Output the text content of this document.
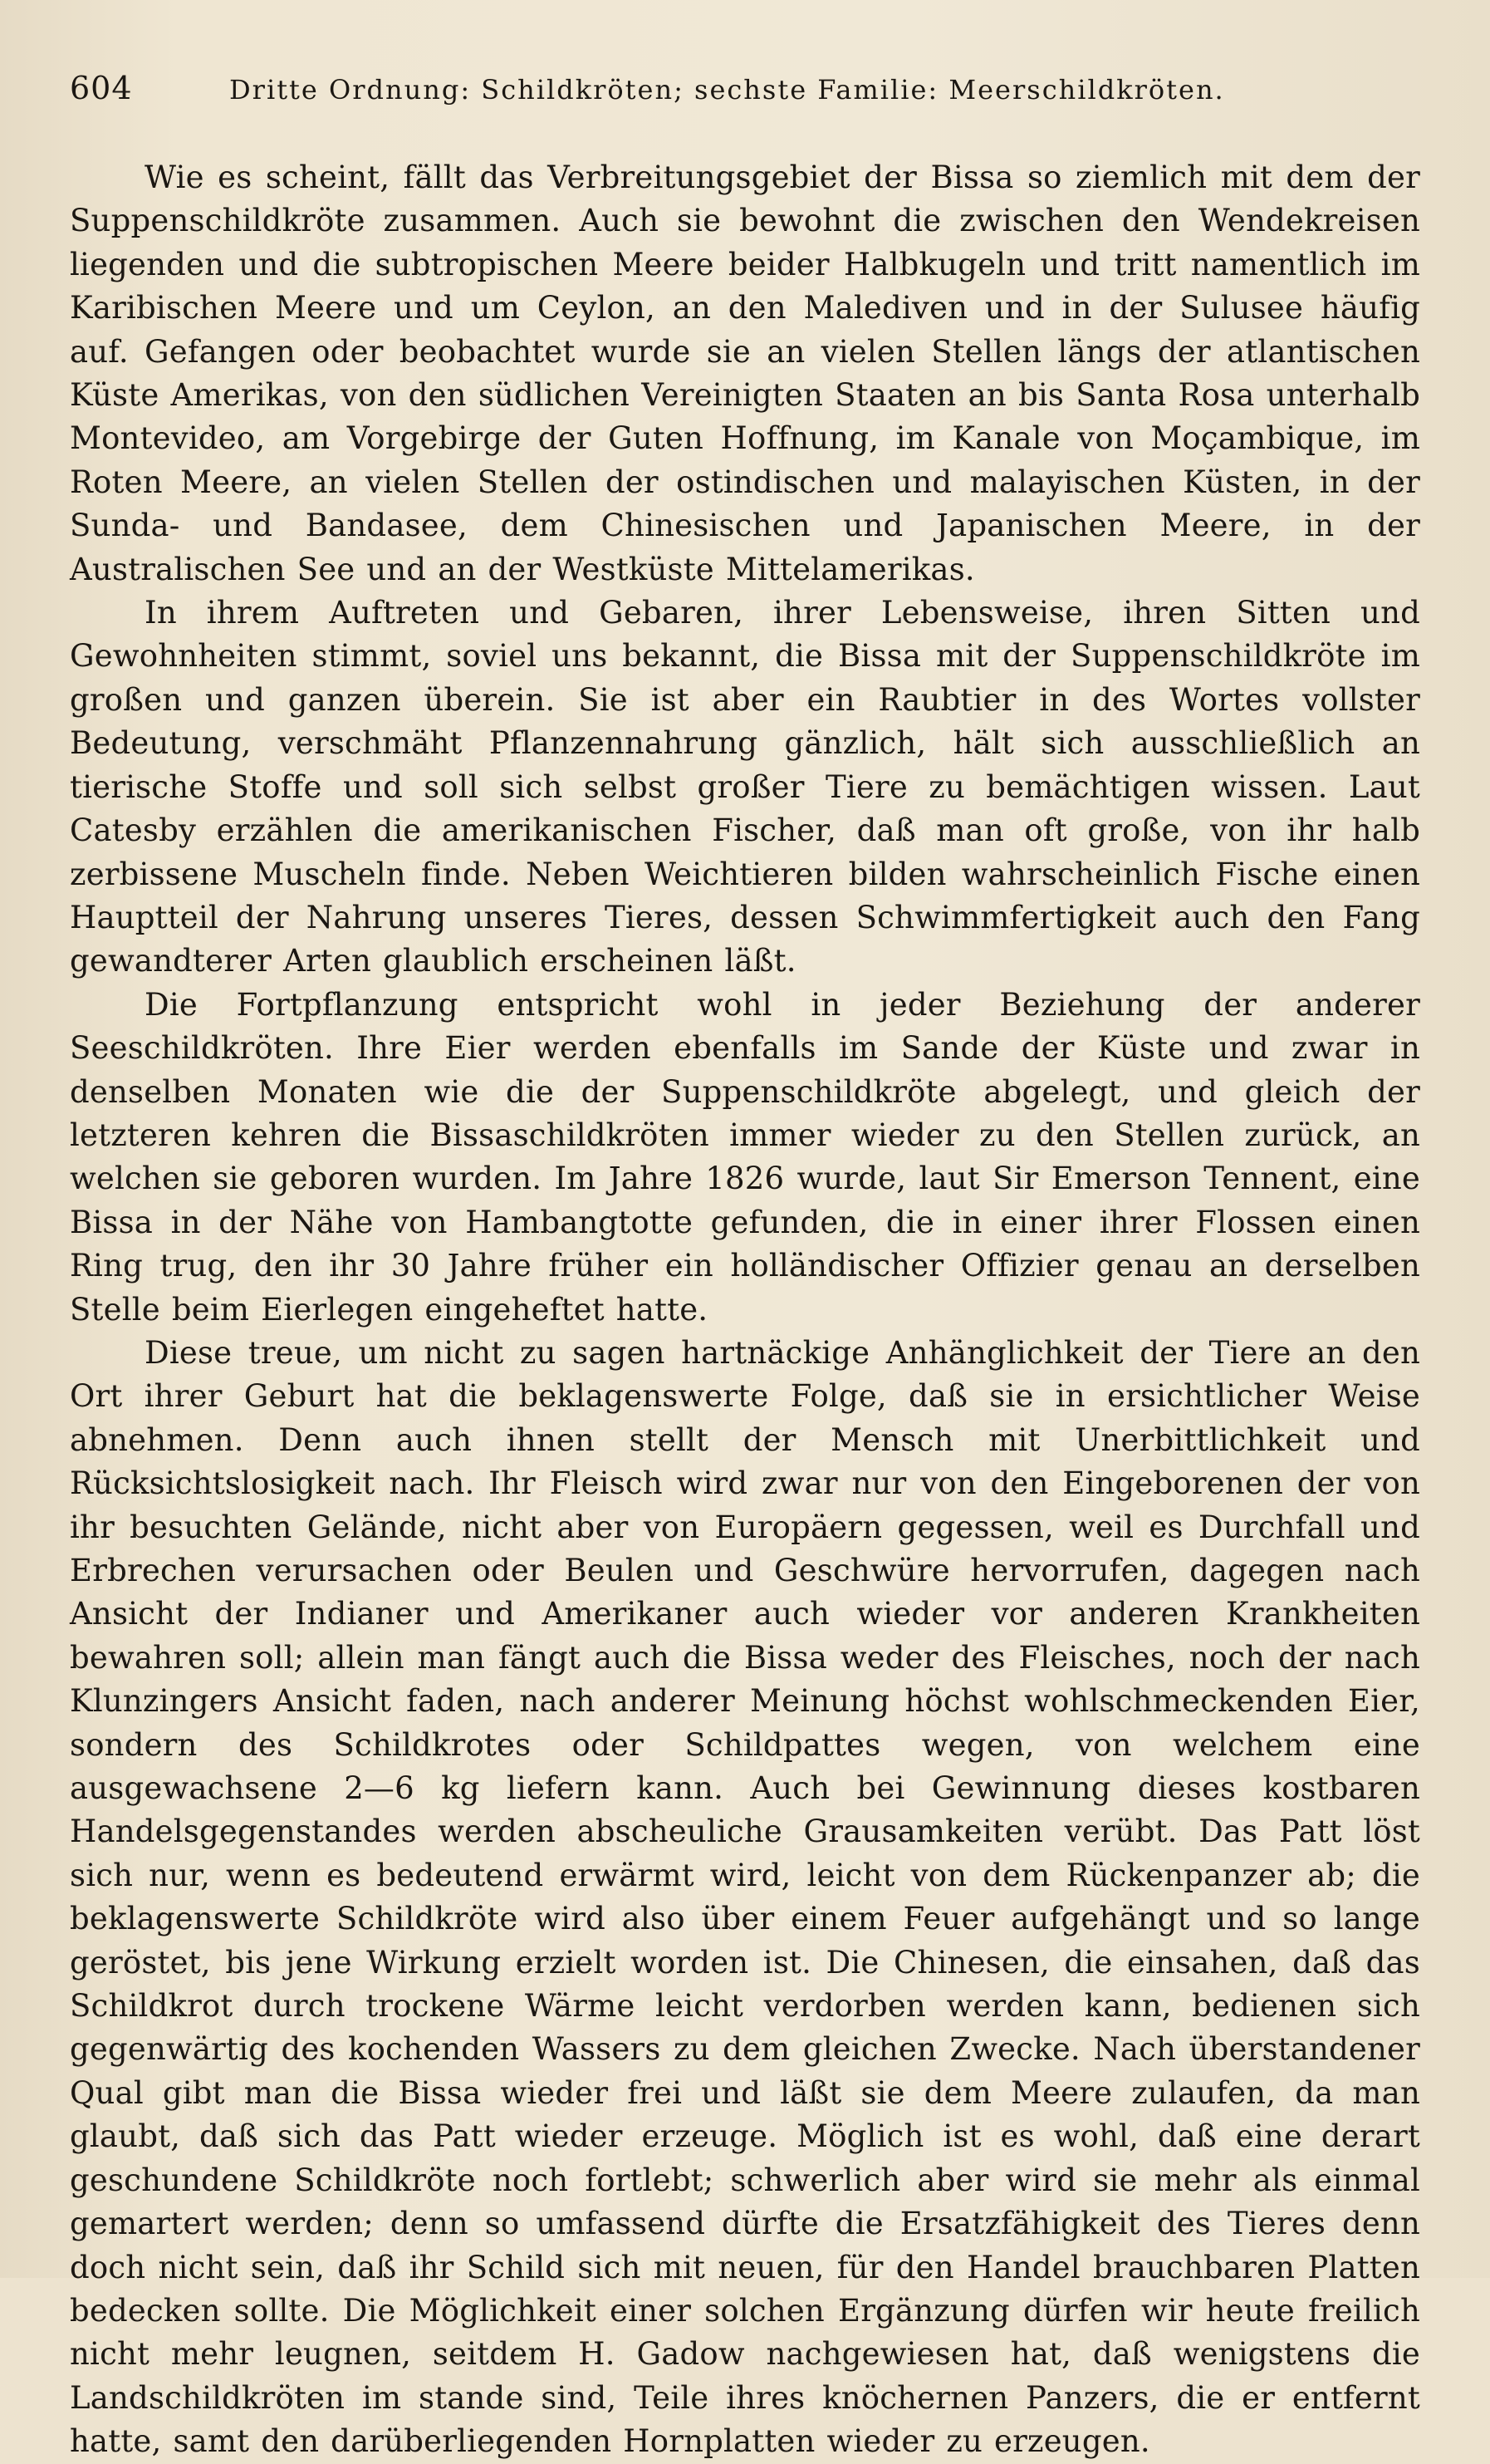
604	Dritte Ordnung: Schildkröten; sechste Familie: Meerschildkröten.

Wie es scheint, fällt das Verbreitungsgebiet der Bissa so ziemlich mit dem der Suppenschildkröte zusammen. Auch sie bewohnt die zwischen den Wendekreisen liegenden und die subtropischen Meere beider Halbkugeln und tritt namentlich im Karibischen Meere und um Ceylon, an den Malediven und in der Sulusee häufig auf. Gefangen oder beobachtet wurde sie an vielen Stellen längs der atlantischen Küste Amerikas, von den südlichen Vereinigten Staaten an bis Santa Rosa unterhalb Montevideo, am Vorgebirge der Guten Hoffnung, im Kanale von Moçambique, im Roten Meere, an vielen Stellen der ostindischen und malayischen Küsten, in der Sunda- und Bandasee, dem Chinesischen und Japanischen Meere, in der Australischen See und an der Westküste Mittelamerikas.

In ihrem Auftreten und Gebaren, ihrer Lebensweise, ihren Sitten und Gewohnheiten stimmt, soviel uns bekannt, die Bissa mit der Suppenschildkröte im großen und ganzen überein. Sie ist aber ein Raubtier in des Wortes vollster Bedeutung, verschmäht Pflanzennahrung gänzlich, hält sich ausschließlich an tierische Stoffe und soll sich selbst großer Tiere zu bemächtigen wissen. Laut Catesby erzählen die amerikanischen Fischer, daß man oft große, von ihr halb zerbissene Muscheln finde. Neben Weichtieren bilden wahrscheinlich Fische einen Hauptteil der Nahrung unseres Tieres, dessen Schwimmfertigkeit auch den Fang gewandterer Arten glaublich erscheinen läßt.

Die Fortpflanzung entspricht wohl in jeder Beziehung der anderer Seeschildkröten. Ihre Eier werden ebenfalls im Sande der Küste und zwar in denselben Monaten wie die der Suppenschildkröte abgelegt, und gleich der letzteren kehren die Bissaschildkröten immer wieder zu den Stellen zurück, an welchen sie geboren wurden. Im Jahre 1826 wurde, laut Sir Emerson Tennent, eine Bissa in der Nähe von Hambangtotte gefunden, die in einer ihrer Flossen einen Ring trug, den ihr 30 Jahre früher ein holländischer Offizier genau an derselben Stelle beim Eierlegen eingeheftet hatte.

Diese treue, um nicht zu sagen hartnäckige Anhänglichkeit der Tiere an den Ort ihrer Geburt hat die beklagenswerte Folge, daß sie in ersichtlicher Weise abnehmen. Denn auch ihnen stellt der Mensch mit Unerbittlichkeit und Rücksichtslosigkeit nach. Ihr Fleisch wird zwar nur von den Eingeborenen der von ihr besuchten Gelände, nicht aber von Europäern gegessen, weil es Durchfall und Erbrechen verursachen oder Beulen und Geschwüre hervorrufen, dagegen nach Ansicht der Indianer und Amerikaner auch wieder vor anderen Krankheiten bewahren soll; allein man fängt auch die Bissa weder des Fleisches, noch der nach Klunzingers Ansicht faden, nach anderer Meinung höchst wohlschmeckenden Eier, sondern des Schildkrotes oder Schildpattes wegen, von welchem eine ausgewachsene 2—6 kg liefern kann. Auch bei Gewinnung dieses kostbaren Handelsgegenstandes werden abscheuliche Grausamkeiten verübt. Das Patt löst sich nur, wenn es bedeutend erwärmt wird, leicht von dem Rückenpanzer ab; die beklagenswerte Schildkröte wird also über einem Feuer aufgehängt und so lange geröstet, bis jene Wirkung erzielt worden ist. Die Chinesen, die einsahen, daß das Schildkrot durch trockene Wärme leicht verdorben werden kann, bedienen sich gegenwärtig des kochenden Wassers zu dem gleichen Zwecke. Nach überstandener Qual gibt man die Bissa wieder frei und läßt sie dem Meere zulaufen, da man glaubt, daß sich das Patt wieder erzeuge. Möglich ist es wohl, daß eine derart geschundene Schildkröte noch fortlebt; schwerlich aber wird sie mehr als einmal gemartert werden; denn so umfassend dürfte die Ersatzfähigkeit des Tieres denn doch nicht sein, daß ihr Schild sich mit neuen, für den Handel brauchbaren Platten bedecken sollte. Die Möglichkeit einer solchen Ergänzung dürfen wir heute freilich nicht mehr leugnen, seitdem H. Gadow nachgewiesen hat, daß wenigstens die Landschildkröten im stande sind, Teile ihres knöchernen Panzers, die er entfernt hatte, samt den darüberliegenden Hornplatten wieder zu erzeugen.
